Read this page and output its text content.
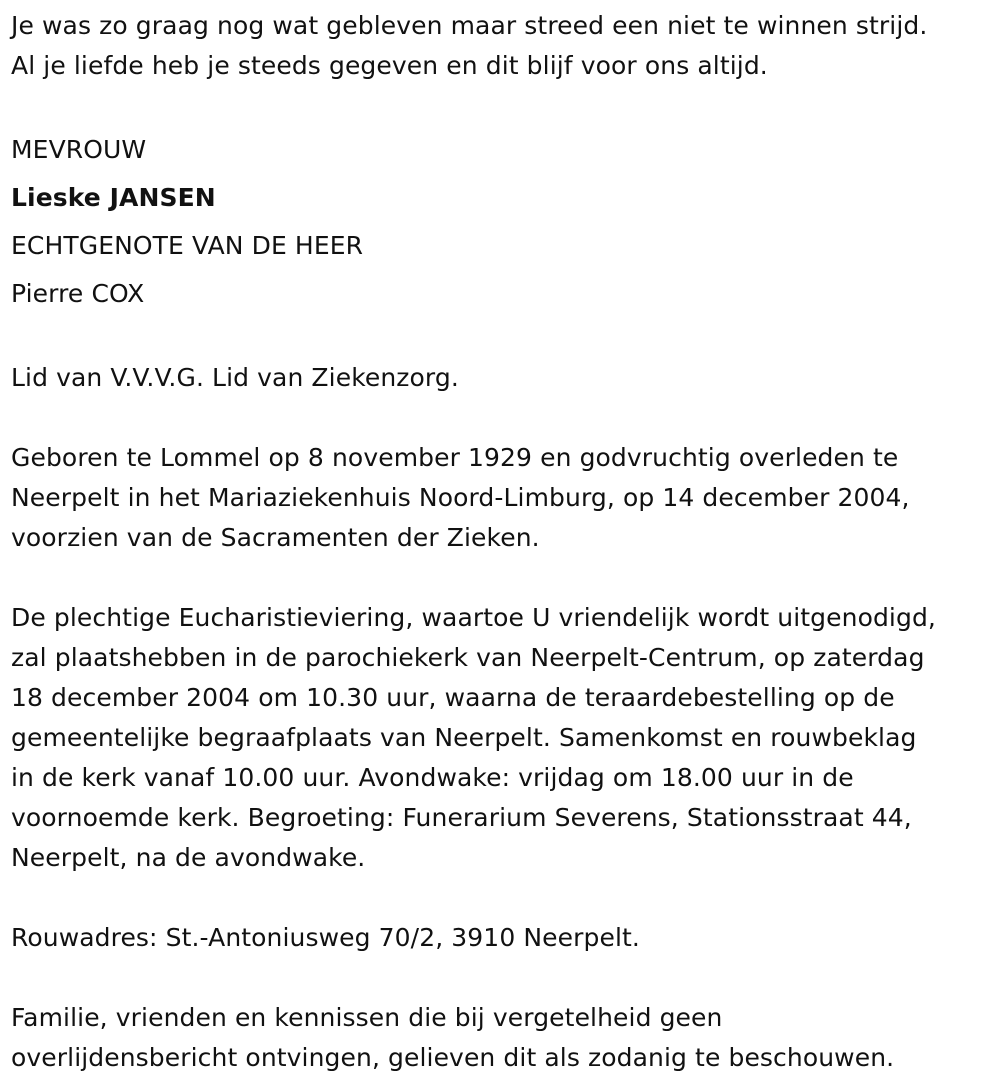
Je was zo graag nog wat gebleven maar streed een niet te winnen strijd.

Al je liefde heb je steeds gegeven en dit blijf voor ons altijd.

MEVROUW

Lieske JANSEN

ECHTGENOTE VAN DE HEER

Pierre COX

Lid van V.V.V.G. Lid van Ziekenzorg.

Geboren te Lommel op 8 november 1929 en godvruchtig overleden te

Neerpelt in het Mariaziekenhuis Noord-Limburg, op 14 december 2004,

voorzien van de Sacramenten der Zieken.

De plechtige Eucharistieviering, waartoe U vriendelijk wordt uitgenodigd,

zal plaatshebben in de parochiekerk van Neerpelt-Centrum, op zaterdag

18 december 2004 om 10.30 uur, waarna de teraardebestelling op de

gemeentelijke begraafplaats van Neerpelt. Samenkomst en rouwbeklag

in de kerk vanaf 10.00 uur. Avondwake: vrijdag om 18.00 uur in de

voornoemde kerk. Begroeting: Funerarium Severens, Stationsstraat 44,

Neerpelt, na de avondwake.

Rouwadres: St.-Antoniusweg 70/2, 3910 Neerpelt.

Familie, vrienden en kennissen die bij vergetelheid geen

overlijdensbericht ontvingen, gelieven dit als zodanig te beschouwen.
